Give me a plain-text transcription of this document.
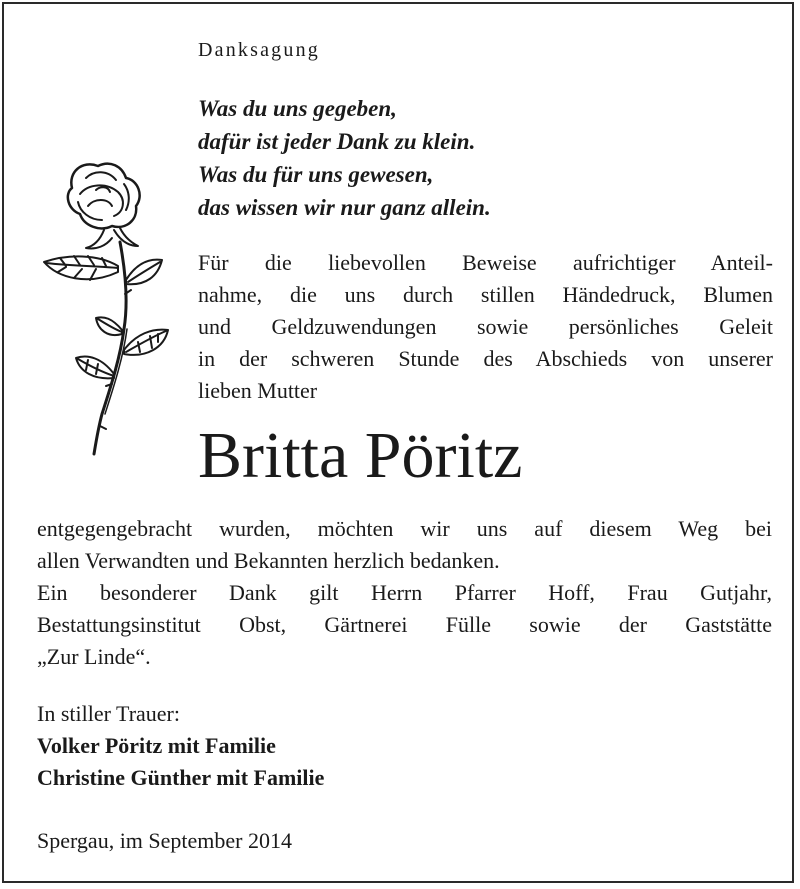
Danksagung
Was du uns gegeben,
dafür ist jeder Dank zu klein.
Was du für uns gewesen,
das wissen wir nur ganz allein.
Für die liebevollen Beweise aufrichtiger Anteil-
nahme, die uns durch stillen Händedruck, Blumen
und Geldzuwendungen sowie persönliches Geleit
in der schweren Stunde des Abschieds von unserer
lieben Mutter
Britta Pöritz
entgegengebracht wurden, möchten wir uns auf diesem Weg bei
allen Verwandten und Bekannten herzlich bedanken.
Ein besonderer Dank gilt Herrn Pfarrer Hoff, Frau Gutjahr,
Bestattungsinstitut Obst, Gärtnerei Fülle sowie der Gaststätte
„Zur Linde“.
In stiller Trauer:
Volker Pöritz mit Familie
Christine Günther mit Familie
Spergau, im September 2014
